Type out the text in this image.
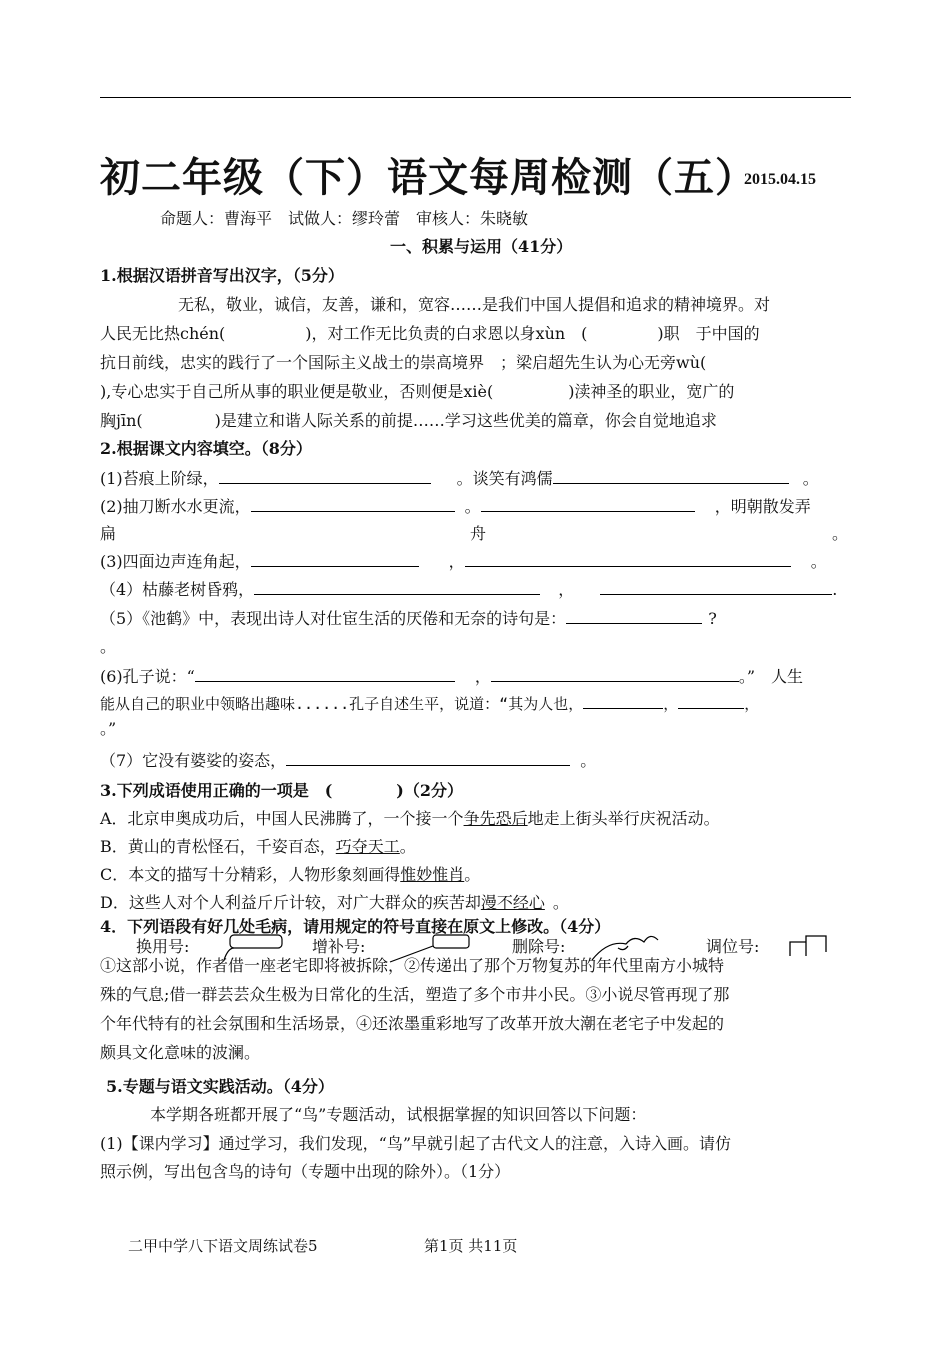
初二年级（下）语文每周检测（五）
2015.04.15
命题人：曹海平　试做人：缪玲蕾　审核人：朱晓敏
一、积累与运用（41分）
1.根据汉语拼音写出汉字，（5分）
无私，敬业，诚信，友善，谦和，宽容……是我们中国人提倡和追求的精神境界。对
人民无比热chén(	)，对工作无比负责的白求恩以身xùn　(	)职　于中国的
抗日前线，忠实的践行了一个国际主义战士的崇高境界　；梁启超先生认为心无旁wù(
),专心忠实于自己所从事的职业便是敬业，否则便是xiè(	)渎神圣的职业，宽广的
胸jīn(	)是建立和谐人际关系的前提……学习这些优美的篇章，你会自觉地追求
2.根据课文内容填空。（8分）
(1)苔痕上阶绿，	。谈笑有鸿儒	。
(2)抽刀断水水更流，	。	，明朝散发弄
扁	舟	。
(3)四面边声连角起，	，	。
（4）枯藤老树昏鸦，	，	.
（5）《池鹤》中，表现出诗人对仕宦生活的厌倦和无奈的诗句是：	?
。
(6)孔子说：“	，	。”　人生
能从自己的职业中领略出趣味......孔子自述生平，说道：“其为人也，	，	，
。”
（7）它没有婆娑的姿态，	。
3.下列成语使用正确的一项是　(　　　　)（2分）
A．北京申奥成功后，中国人民沸腾了，一个接一个争先恐后地走上街头举行庆祝活动。
B．黄山的青松怪石，千姿百态，巧夺天工。
C．本文的描写十分精彩，人物形象刻画得惟妙惟肖。
D．这些人对个人利益斤斤计较，对广大群众的疾苦却漫不经心 。
4．下列语段有好几处毛病，请用规定的符号直接在原文上修改。（4分）
换用号:	增补号:	删除号:	调位号:
①这部小说，作者借一座老宅即将被拆除，②传递出了那个万物复苏的年代里南方小城特
殊的气息;借一群芸芸众生极为日常化的生活，塑造了多个市井小民。③小说尽管再现了那
个年代特有的社会氛围和生活场景，④还浓墨重彩地写了改革开放大潮在老宅子中发起的
颇具文化意味的波澜。
5.专题与语文实践活动。（4分）
本学期各班都开展了“鸟”专题活动，试根据掌握的知识回答以下问题：
(1)【课内学习】通过学习，我们发现，“鸟”早就引起了古代文人的注意，入诗入画。请仿
照示例，写出包含鸟的诗句（专题中出现的除外）。（1分）
二甲中学八下语文周练试卷5	第1页 共11页
